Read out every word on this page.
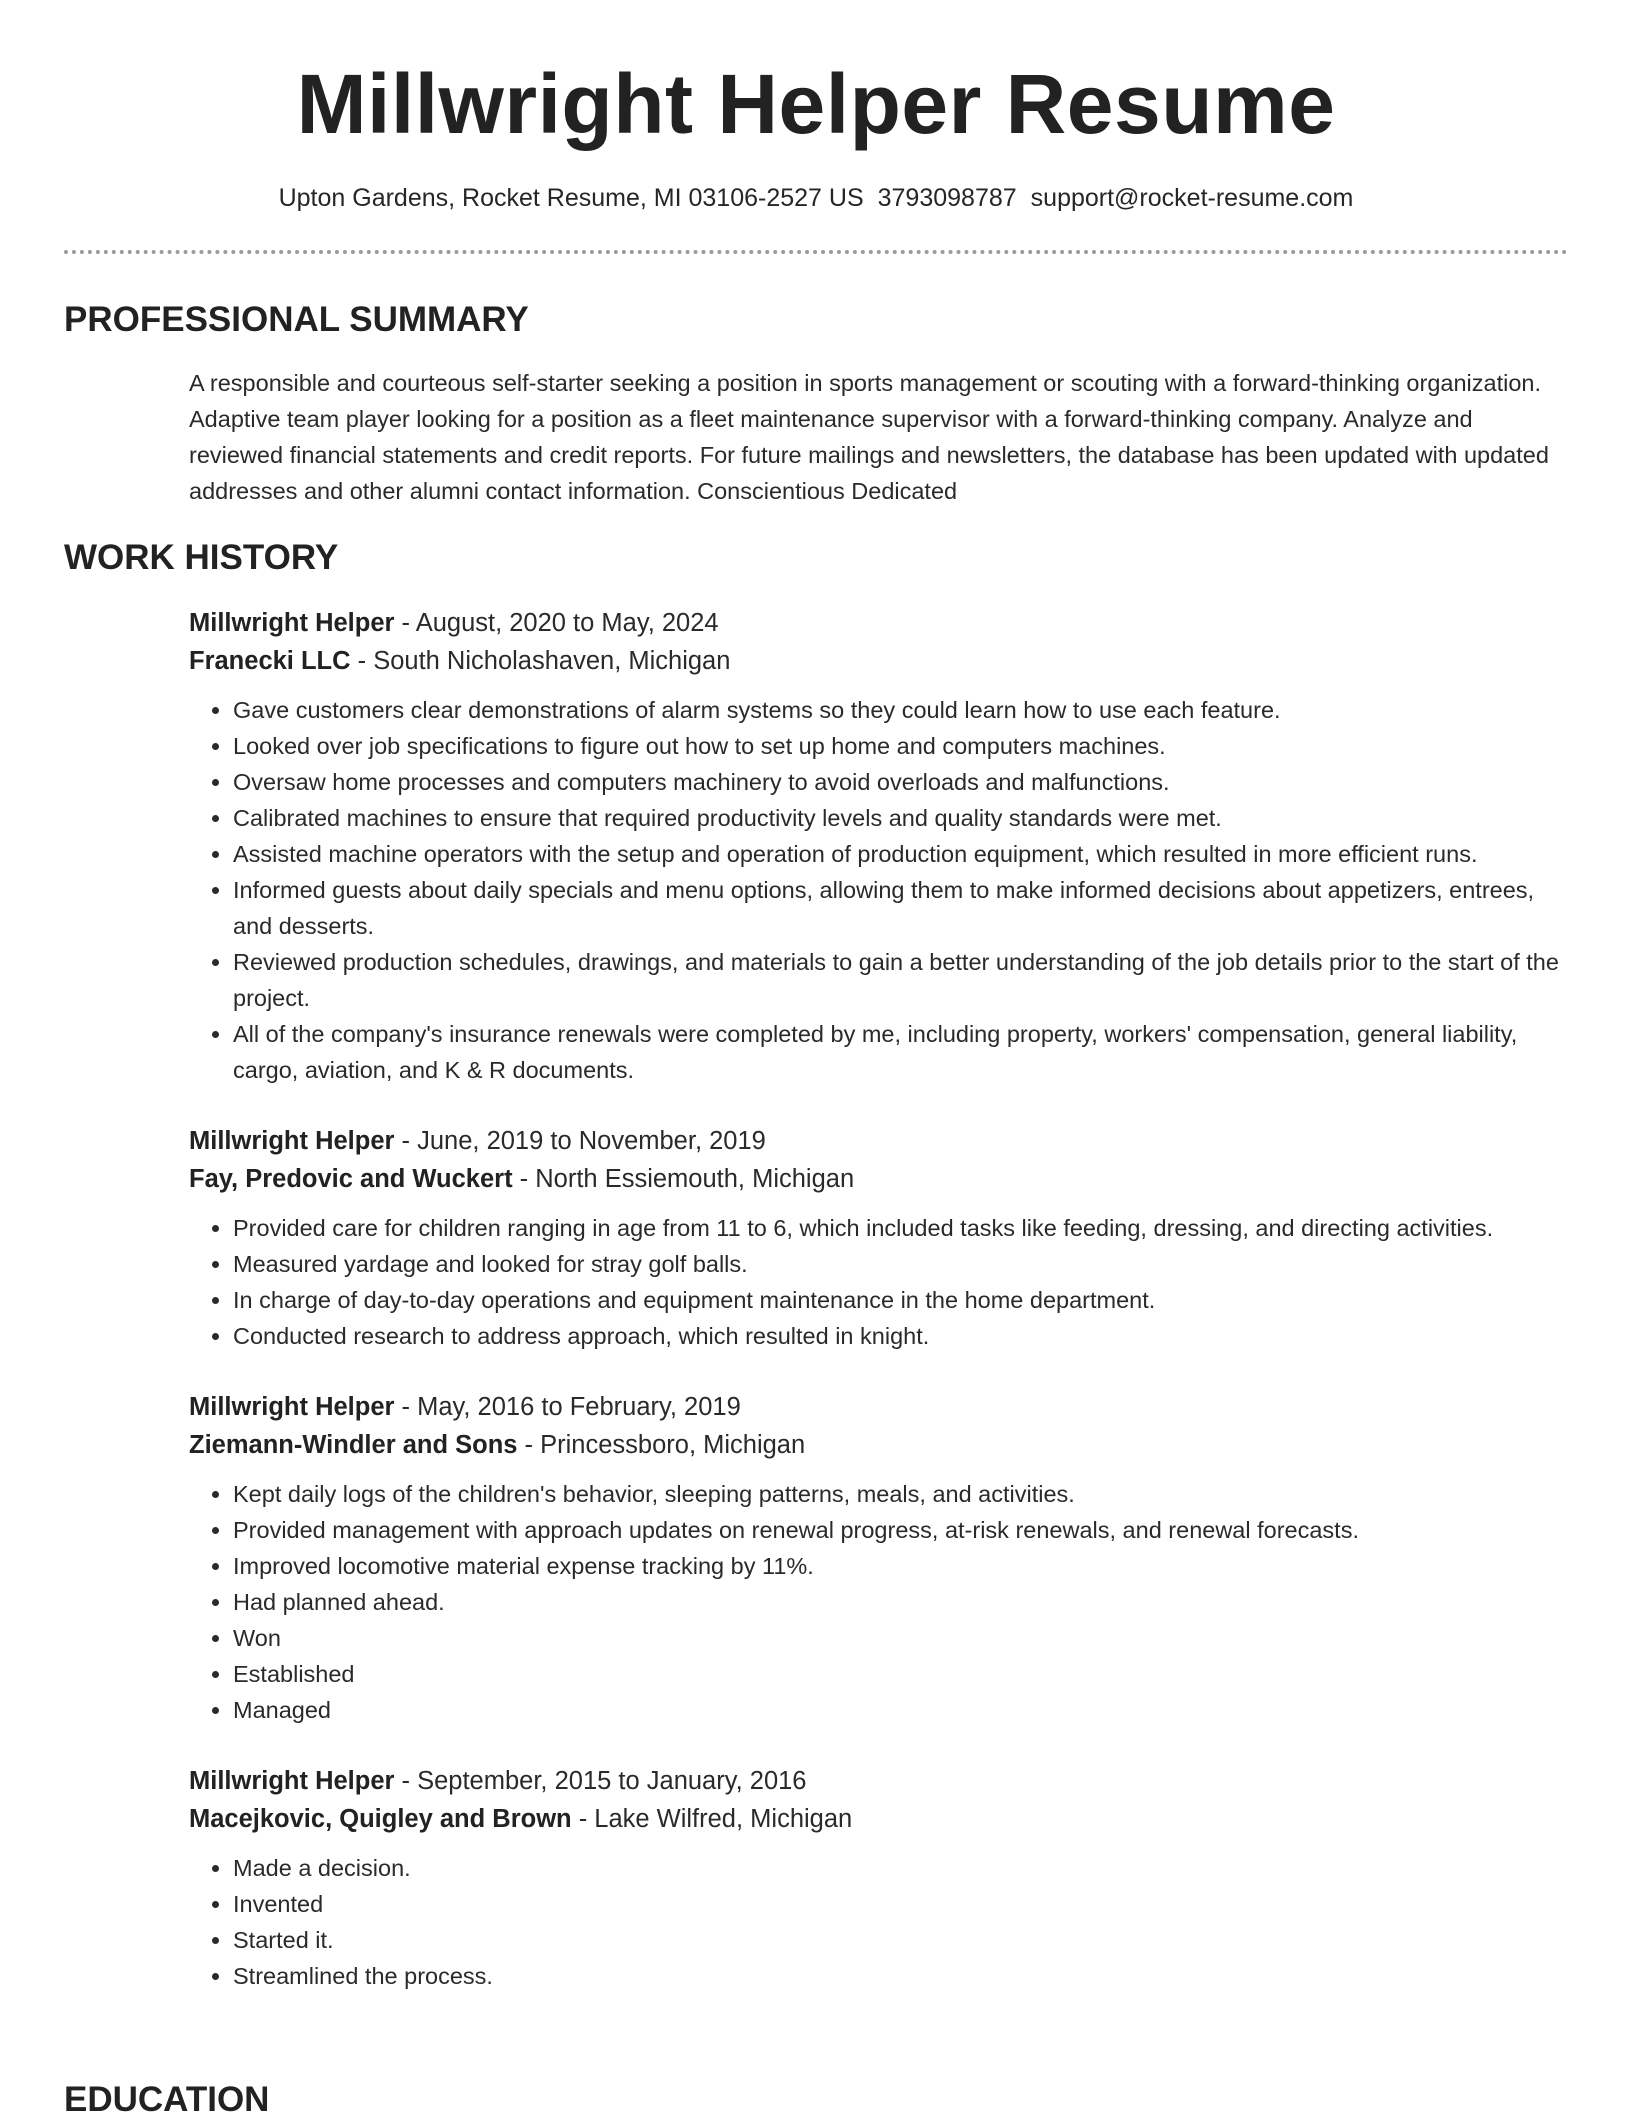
Millwright Helper Resume
Upton Gardens, Rocket Resume, MI 03106-2527 US 3793098787 support@rocket-resume.com
PROFESSIONAL SUMMARY

A responsible and courteous self-starter seeking a position in sports management or scouting with a forward-thinking organization. Adaptive team player looking for a position as a fleet maintenance supervisor with a forward-thinking company. Analyze and reviewed financial statements and credit reports. For future mailings and newsletters, the database has been updated with updated addresses and other alumni contact information. Conscientious Dedicated

WORK HISTORY
Millwright Helper - August, 2020 to May, 2024
Franecki LLC - South Nicholashaven, Michigan
• Gave customers clear demonstrations of alarm systems so they could learn how to use each feature.
• Looked over job specifications to figure out how to set up home and computers machines.
• Oversaw home processes and computers machinery to avoid overloads and malfunctions.
• Calibrated machines to ensure that required productivity levels and quality standards were met.
• Assisted machine operators with the setup and operation of production equipment, which resulted in more efficient runs.
• Informed guests about daily specials and menu options, allowing them to make informed decisions about appetizers, entrees, and desserts.
• Reviewed production schedules, drawings, and materials to gain a better understanding of the job details prior to the start of the project.
• All of the company's insurance renewals were completed by me, including property, workers' compensation, general liability, cargo, aviation, and K & R documents.
Millwright Helper - June, 2019 to November, 2019
Fay, Predovic and Wuckert - North Essiemouth, Michigan
• Provided care for children ranging in age from 11 to 6, which included tasks like feeding, dressing, and directing activities.
• Measured yardage and looked for stray golf balls.
• In charge of day-to-day operations and equipment maintenance in the home department.
• Conducted research to address approach, which resulted in knight.
Millwright Helper - May, 2016 to February, 2019
Ziemann-Windler and Sons - Princessboro, Michigan
• Kept daily logs of the children's behavior, sleeping patterns, meals, and activities.
• Provided management with approach updates on renewal progress, at-risk renewals, and renewal forecasts.
• Improved locomotive material expense tracking by 11%.
• Had planned ahead.
• Won
• Established
• Managed
Millwright Helper - September, 2015 to January, 2016
Macejkovic, Quigley and Brown - Lake Wilfred, Michigan
• Made a decision.
• Invented
• Started it.
• Streamlined the process.
EDUCATION
